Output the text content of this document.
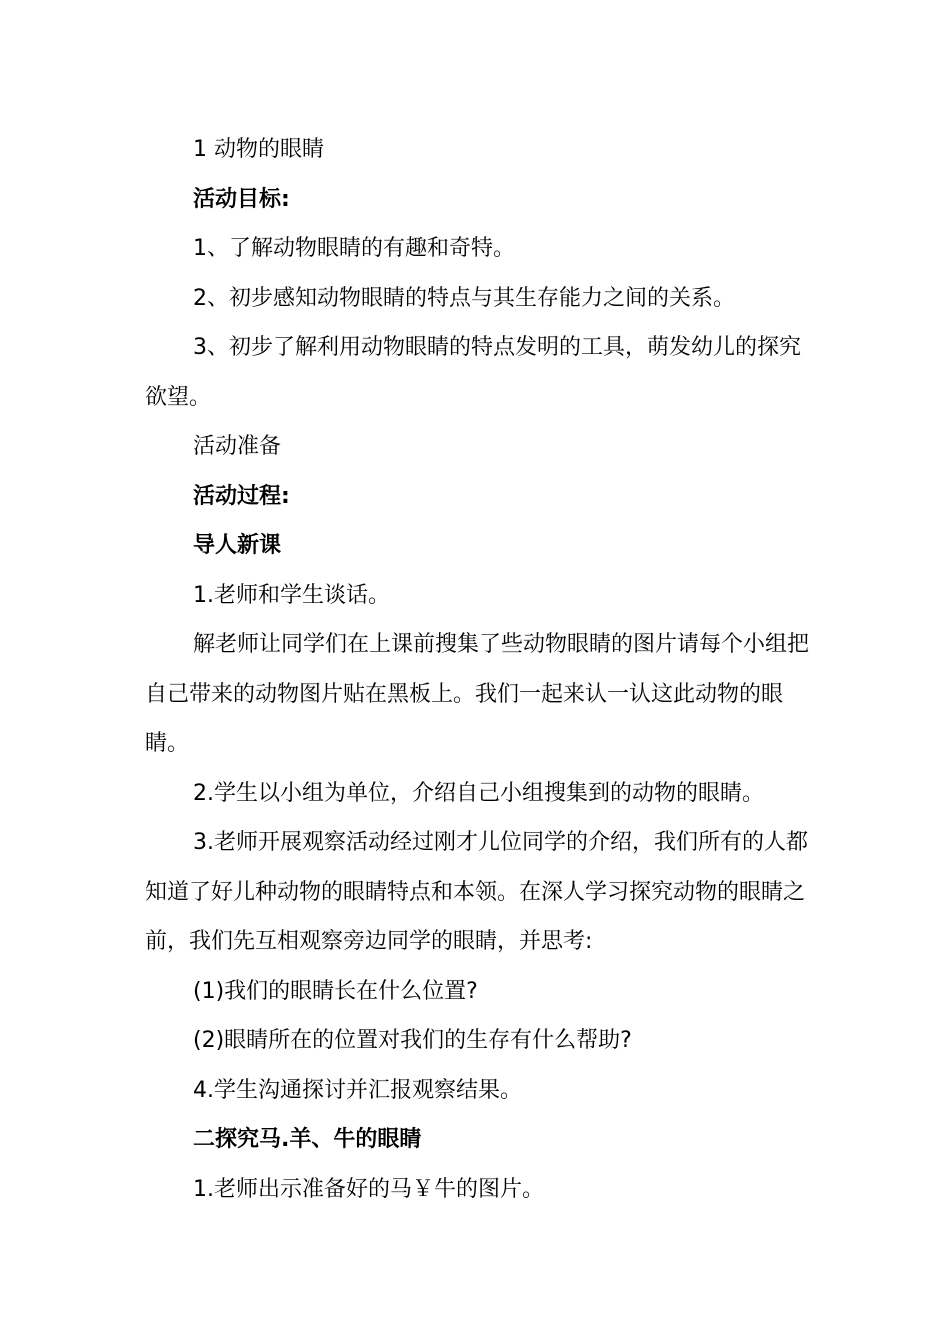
1 动物的眼睛

活动目标:

1、了解动物眼睛的有趣和奇特。

2、初步感知动物眼睛的特点与其生存能力之间的关系。

3、初步了解利用动物眼睛的特点发明的工具，萌发幼儿的探究欲望。

活动准备

活动过程:

导人新课

1.老师和学生谈话。

解老师让同学们在上课前搜集了些动物眼睛的图片请每个小组把自己带来的动物图片贴在黑板上。我们一起来认一认这此动物的眼睛。

2.学生以小组为单位，介绍自己小组搜集到的动物的眼睛。

3.老师开展观察活动经过刚才儿位同学的介绍，我们所有的人都知道了好儿种动物的眼睛特点和本领。在深人学习探究动物的眼睛之前，我们先互相观察旁边同学的眼睛，并思考:

(1)我们的眼睛长在什么位置?

(2)眼睛所在的位置对我们的生存有什么帮助?

4.学生沟通探讨并汇报观察结果。

二探究马.羊、牛的眼睛

1.老师出示准备好的马￥牛的图片。
